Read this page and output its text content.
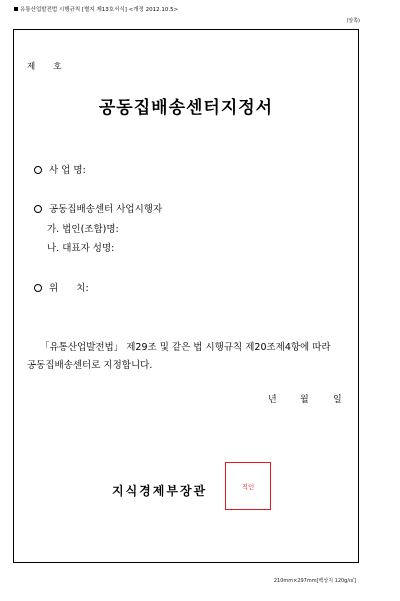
유통산업발전법 시행규칙 [별지 제13호서식] <개정 2012.10.5>
(앞쪽)
제 호
공동집배송센터지정서
사 업 명:
공동집배송센터 사업시행자
가. 법인(조합)명:
나. 대표자 성명:
위      치:
「유통산업발전법」 제29조 및 같은 법 시행규칙 제20조제4항에 따라 공동집배송센터로 지정합니다.
년	월	일
지식경제부장관	직인
210mm×297mm[백상지 120g/㎡]
